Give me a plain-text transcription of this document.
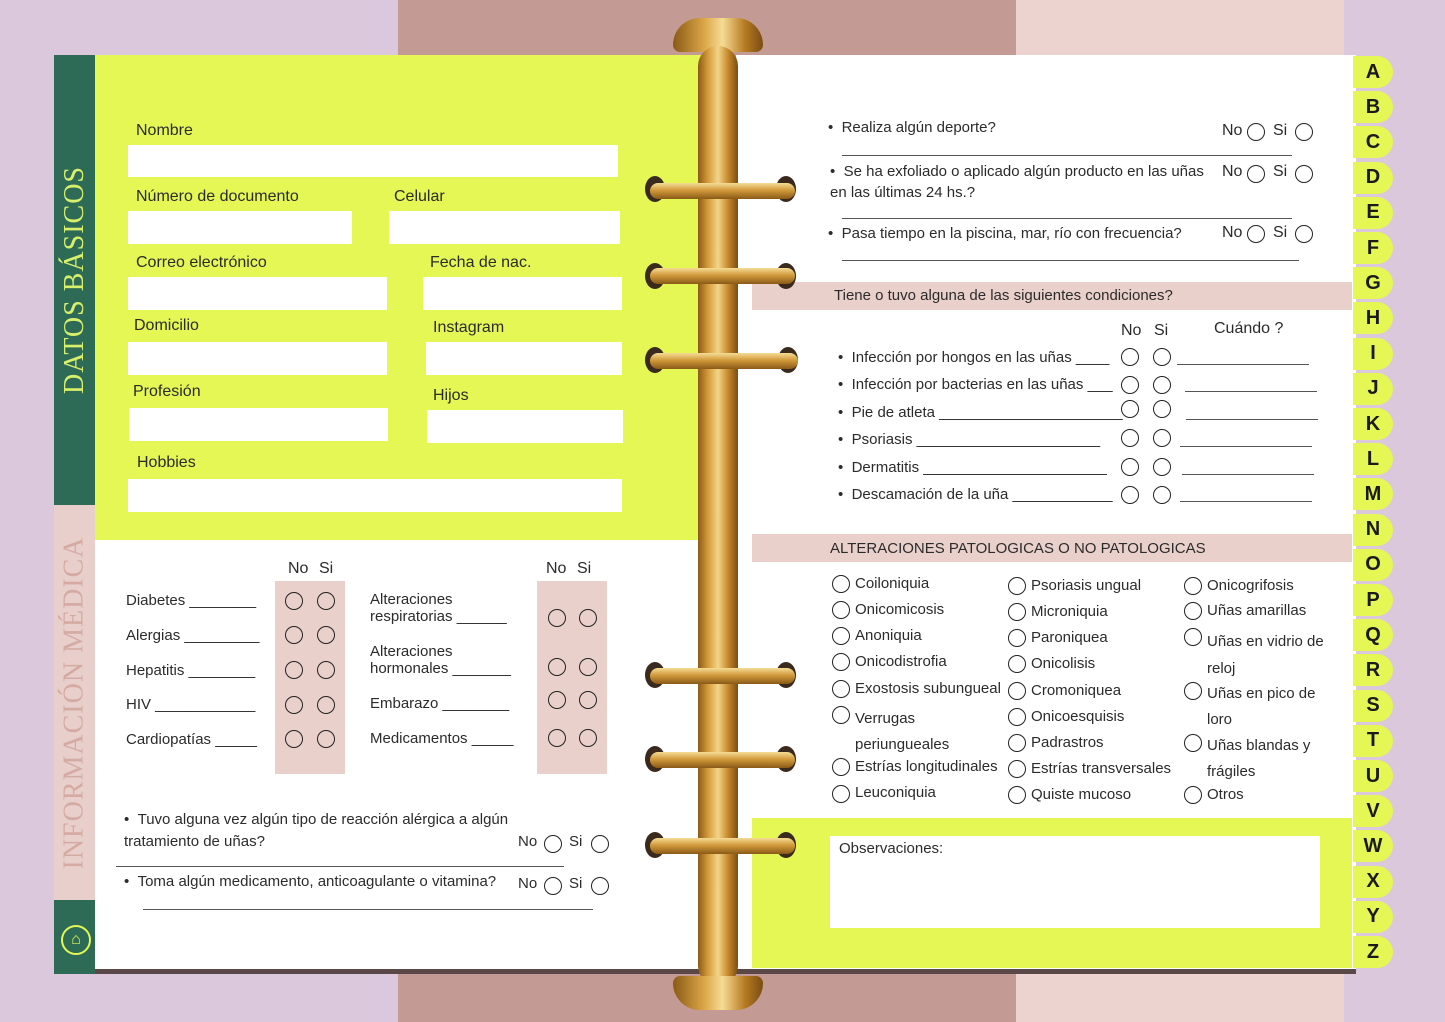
DATOS BÁSICOS
INFORMACIÓN MÉDICA
⌂
Nombre
Número de documento	Celular
Correo electrónico	Fecha de nac.
Domicilio	Instagram
Profesión	Hijos
Hobbies
No Si
Diabetes ________
Alergias _________
Hepatitis ________
HIV ____________
Cardiopatías _____
No Si
Alteraciones
respiratorias ______
Alteraciones
hormonales _______
Embarazo ________
Medicamentos _____
•  Tuvo alguna vez algún tipo de reacción alérgica a algún tratamiento de uñas?	No Si
•  Toma algún medicamento, anticoagulante o vitamina? No Si
•  Realiza algún deporte?	No Si
•  Se ha exfoliado o aplicado algún producto en las uñas en las últimas 24 hs.?
No Si
•  Pasa tiempo en la piscina, mar, río con frecuencia?	No Si
Tiene o tuvo alguna de las siguientes condiciones?
No Si	Cuándo ?
•  Infección por hongos en las uñas ____
•  Infección por bacterias en las uñas ___
•  Pie de atleta ______________________
•  Psoriasis ______________________
•  Dermatitis ______________________
•  Descamación de la uña ____________
ALTERACIONES PATOLOGICAS O NO PATOLOGICAS
Coiloniquia
Onicomicosis
Anoniquia
Onicodistrofia
Exostosis subungueal
Verrugas
periungueales
Estrías longitudinales
Leuconiquia
Psoriasis ungual
Microniquia
Paroniquea
Onicolisis
Cromoniquea
Onicoesquisis
Padrastros
Estrías transversales
Quiste mucoso
Onicogrifosis
Uñas amarillas
Uñas en vidrio de
reloj
Uñas en pico de
loro
Uñas blandas y
frágiles
Otros
Observaciones:
A
B
C
D
E
F
G
H
I
J
K
L
M
N
O
P
Q
R
S
T
U
V
W
X
Y
Z
